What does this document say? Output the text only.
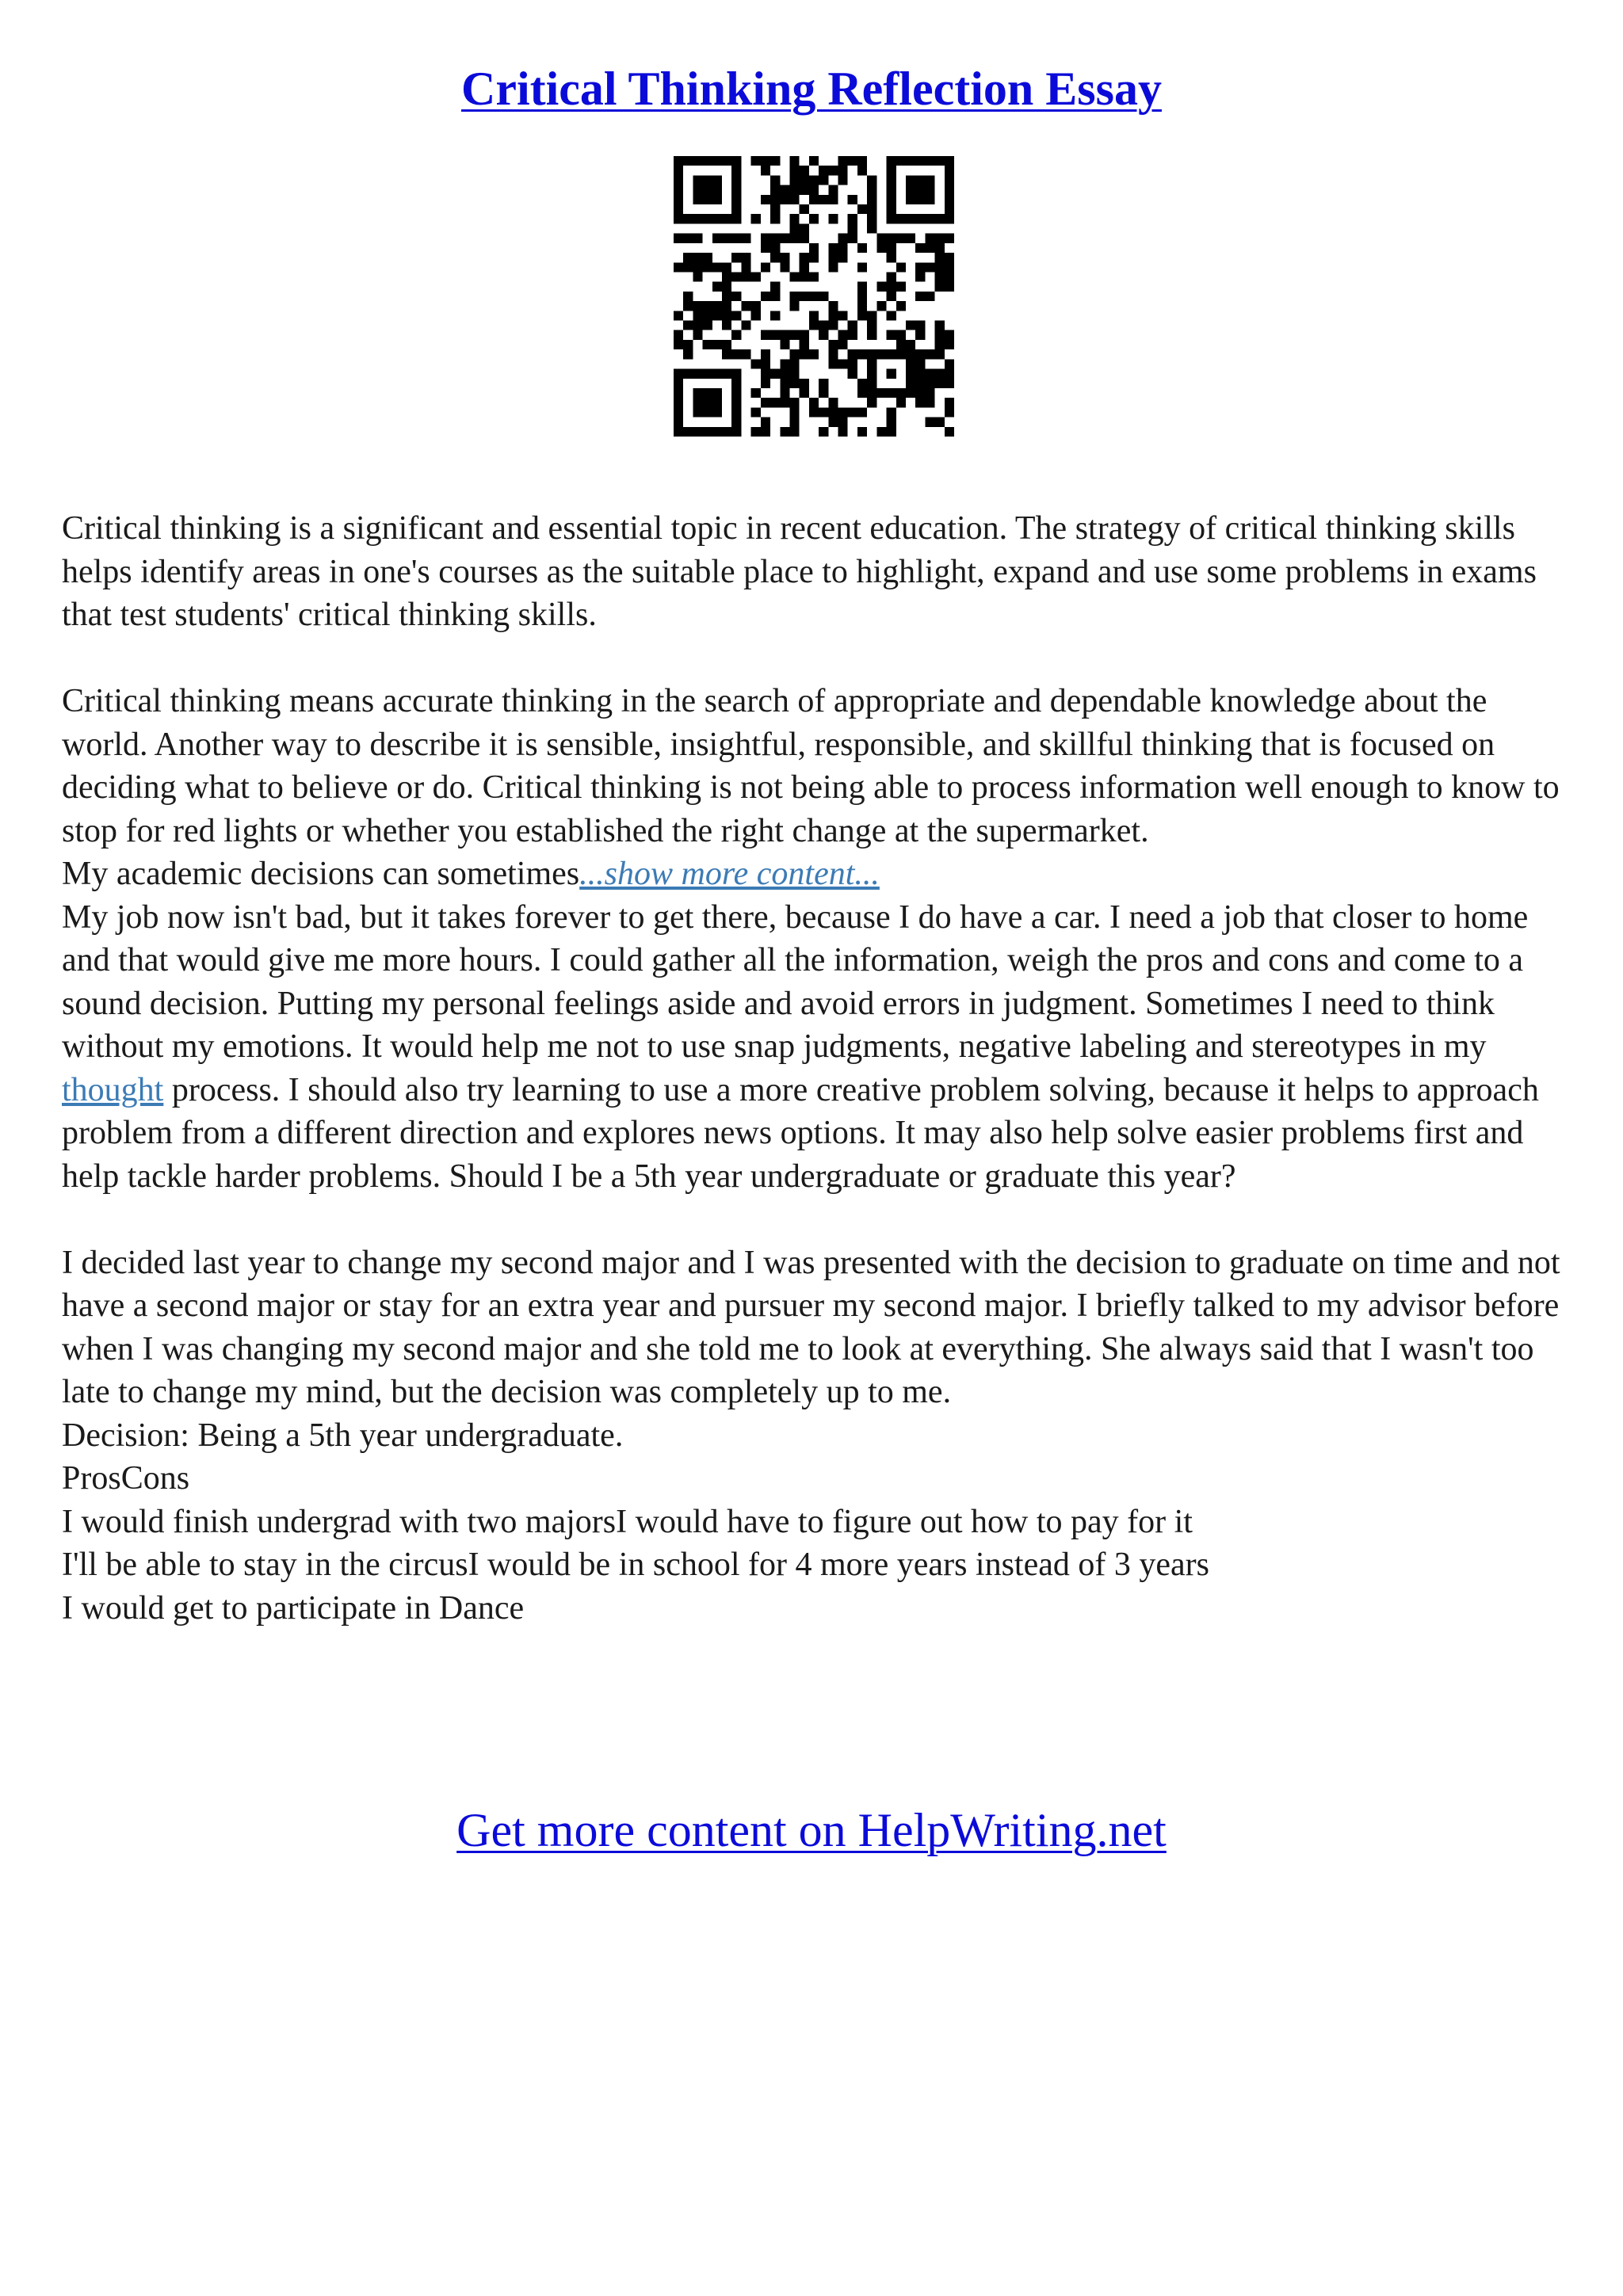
Critical Thinking Reflection Essay

Critical thinking is a significant and essential topic in recent education. The strategy of critical thinking skills helps identify areas in one's courses as the suitable place to highlight, expand and use some problems in exams that test students' critical thinking skills.

Critical thinking means accurate thinking in the search of appropriate and dependable knowledge about the world. Another way to describe it is sensible, insightful, responsible, and skillful thinking that is focused on deciding what to believe or do. Critical thinking is not being able to process information well enough to know to stop for red lights or whether you established the right change at the supermarket.

My academic decisions can sometimes...show more content...

My job now isn't bad, but it takes forever to get there, because I do have a car. I need a job that closer to home and that would give me more hours. I could gather all the information, weigh the pros and cons and come to a sound decision. Putting my personal feelings aside and avoid errors in judgment. Sometimes I need to think without my emotions. It would help me not to use snap judgments, negative labeling and stereotypes in my thought process. I should also try learning to use a more creative problem solving, because it helps to approach problem from a different direction and explores news options. It may also help solve easier problems first and help tackle harder problems. Should I be a 5th year undergraduate or graduate this year?

I decided last year to change my second major and I was presented with the decision to graduate on time and not have a second major or stay for an extra year and pursuer my second major. I briefly talked to my advisor before when I was changing my second major and she told me to look at everything. She always said that I wasn't too late to change my mind, but the decision was completely up to me.

Decision: Being a 5th year undergraduate.

ProsCons

I would finish undergrad with two majorsI would have to figure out how to pay for it

I'll be able to stay in the circusI would be in school for 4 more years instead of 3 years

I would get to participate in Dance

Get more content on HelpWriting.net
